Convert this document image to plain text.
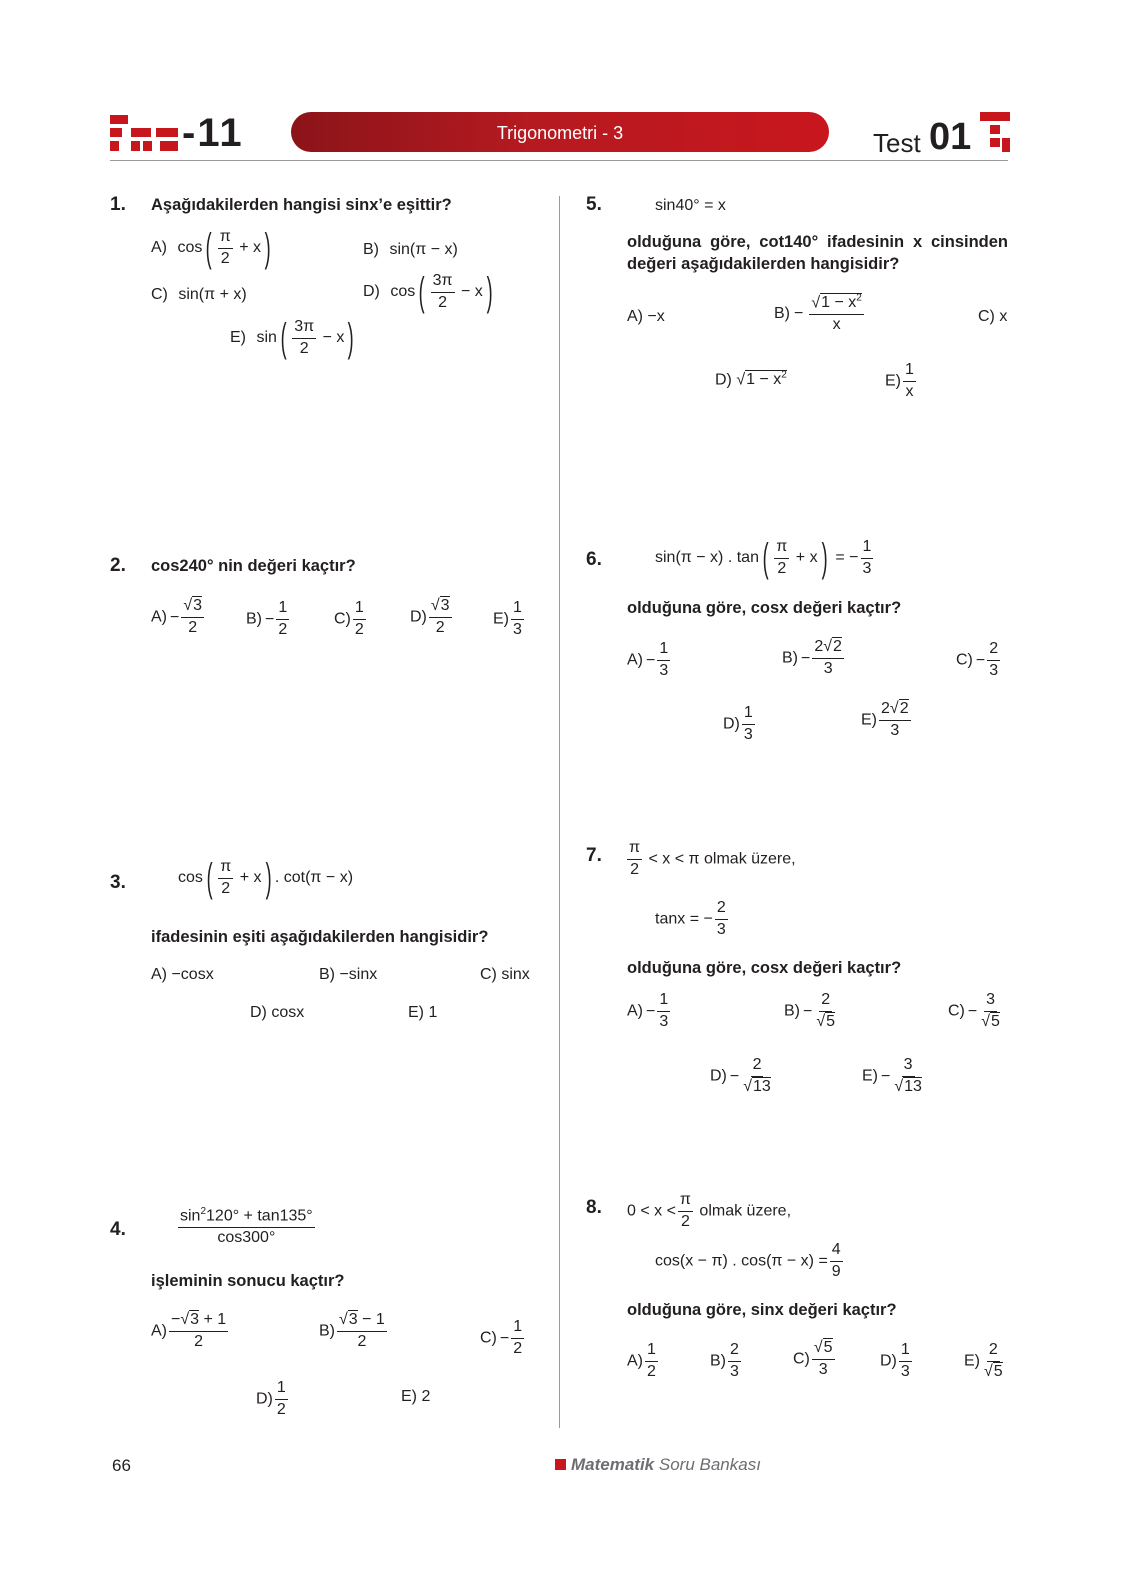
-11	Trigonometri - 3	Test 01
1. Aşağıdakilerden hangisi sinx’e eşittir?
A) $\cos( \frac{\pi}{2} + x)$	B) sin(π − x)
C) sin(π + x)	D) $\cos( \frac{3\pi}{2} - x)$
E) $\sin( \frac{3\pi}{2} - x)$
2. cos240° nin değeri kaçtır?
$A) - \frac{√3}{2}$	$B) - \frac{1}{2}$	$C) \frac{1}{2}$	$D) \frac{√3}{2}$	$E) \frac{1}{3}$
3.	$\cos( \frac{\pi}{2} + x)$ . cot(π − x)
ifadesinin eşiti aşağıdakilerden hangisidir?
A) −cosx	B) −sinx	C) sinx
D) cosx	E) 1
4.	$\frac{\sin^2120^\circ + \tan 135^\circ}{\cos 300^\circ}$
işleminin sonucu kaçtır?
$A) \frac{-√3 + 1}{2}$	$B) \frac{√3 - 1}{2}$	$C) - \frac{1}{2}$
$D) \frac{1}{2}$	E) 2
5.	sin40° = x
olduğuna göre, cot140° ifadesinin x cinsinden değeri aşağıdakilerden hangisidir?
A) −x	$B) - \frac{√1 - x^2}{x}$	C) x
D) $√1 - x^2$	$E) \frac{1}{x}$
6.	sin(π − x) . $\tan( \frac{\pi}{2} + x)$ = − $\frac{1}{3}$
olduğuna göre, cosx değeri kaçtır?
$A) - \frac{1}{3}$	$B) - \frac{2√2}{3}$	$C) - \frac{2}{3}$
$D) \frac{1}{3}$	$E) \frac{2√2}{3}$
7. $\frac{\pi}{2} < x < \pi$ olmak üzere,
tanx = − $\frac{2}{3}$
olduğuna göre, cosx değeri kaçtır?
$A) - \frac{1}{3}$	$B) - \frac{2}{√5}$	$C) - \frac{3}{√5}$
$D) - \frac{2}{√13}$	$E) - \frac{3}{√13}$
8. $0 < x < \frac{\pi}{2}$ olmak üzere,
cos(x − π) . $\cos(\pi - x) = \frac{4}{9}$
olduğuna göre, sinx değeri kaçtır?
$A) \frac{1}{2}$	$B) \frac{2}{3}$	$C) \frac{√5}{3}$	$D) \frac{1}{3}$	$E) \frac{2}{√5}$
66	Matematik Soru Bankası
